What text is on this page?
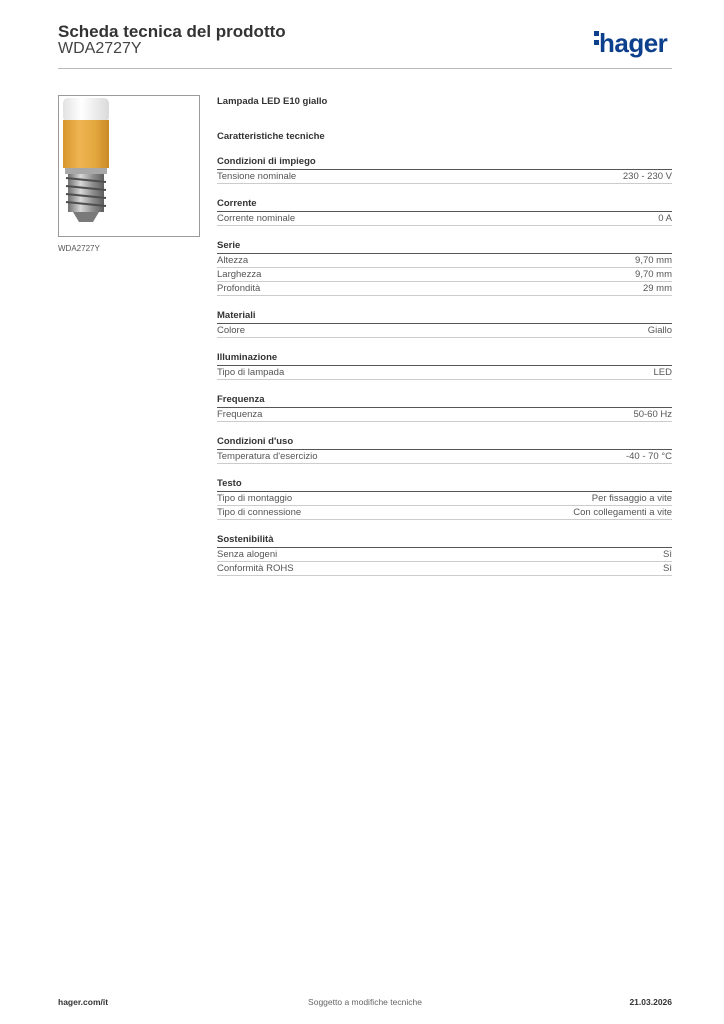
Scheda tecnica del prodotto
WDA2727Y	hager
WDA2727Y
Lampada LED E10 giallo
Caratteristiche tecniche
Condizioni di impiego
Tensione nominale	230 - 230 V
Corrente
Corrente nominale	0 A
Serie
Altezza	9,70 mm
Larghezza	9,70 mm
Profondità	29 mm
Materiali
Colore	Giallo
Illuminazione
Tipo di lampada	LED
Frequenza
Frequenza	50-60 Hz
Condizioni d'uso
Temperatura d'esercizio	-40 - 70 °C
Testo
Tipo di montaggio	Per fissaggio a vite
Tipo di connessione	Con collegamenti a vite
Sostenibilità
Senza alogeni	Sì
Conformità ROHS	Sì
hager.com/it	Soggetto a modifiche tecniche	21.03.2026
